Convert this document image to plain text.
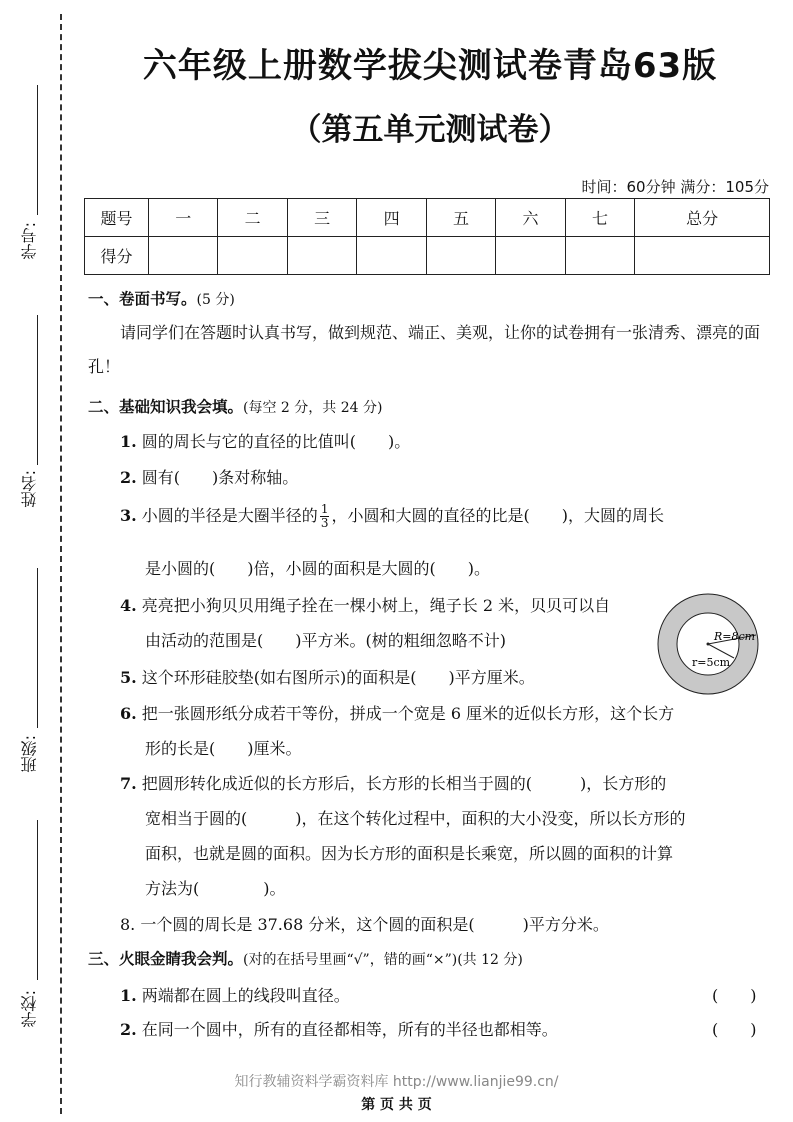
学号:
姓名:
班级:
学校:
六年级上册数学拔尖测试卷青岛63版
（第五单元测试卷）
时间：60分钟 满分：105分
题号	一	二	三	四	五	六	七	总分
得分								
一、卷面书写。(5 分)
请同学们在答题时认真书写，做到规范、端正、美观，让你的试卷拥有一张清秀、漂亮的面孔！
二、基础知识我会填。(每空 2 分，共 24 分)
1. 圆的周长与它的直径的比值叫(　　)。
2. 圆有(　　)条对称轴。
3. 小圆的半径是大圈半径的 $\frac{1}{3}$ ，小圆和大圆的直径的比是(　　)，大圆的周长
是小圆的(　　)倍，小圆的面积是大圆的(　　)。
4. 亮亮把小狗贝贝用绳子拴在一棵小树上，绳子长 2 米，贝贝可以自
由活动的范围是(　　)平方米。(树的粗细忽略不计)
5. 这个环形硅胶垫(如右图所示)的面积是(　　)平方厘米。
R=8cm
r=5cm
6. 把一张圆形纸分成若干等份，拼成一个宽是 6 厘米的近似长方形，这个长方
形的长是(　　)厘米。
7. 把圆形转化成近似的长方形后，长方形的长相当于圆的(　　　)，长方形的
宽相当于圆的(　　　)，在这个转化过程中，面积的大小没变，所以长方形的
面积，也就是圆的面积。因为长方形的面积是长乘宽，所以圆的面积的计算
方法为(　　　　)。
8. 一个圆的周长是 37.68 分米，这个圆的面积是(　　　)平方分米。
三、火眼金睛我会判。(对的在括号里画“√”，错的画“×”)(共 12 分)
1. 两端都在圆上的线段叫直径。	(　　)
2. 在同一个圆中，所有的直径都相等，所有的半径也都相等。	(　　)
知行教辅资料学霸资料库 http://www.lianjie99.cn/
第 页 共 页
